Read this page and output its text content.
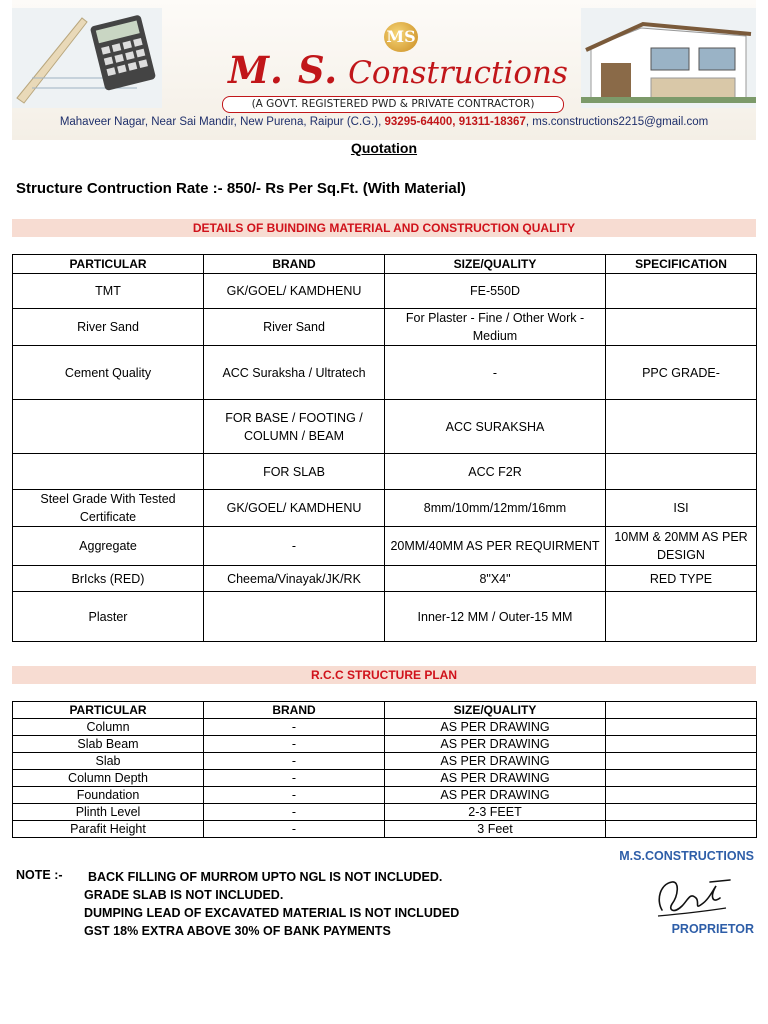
MS
M. S. Constructions
(A GOVT. REGISTERED PWD & PRIVATE CONTRACTOR)
Mahaveer Nagar, Near Sai Mandir, New Purena, Raipur (C.G.), 93295-64400, 91311-18367, ms.constructions2215@gmail.com
Quotation
Structure Contruction Rate :- 850/- Rs Per Sq.Ft. (With Material)
DETAILS OF BUINDING MATERIAL AND CONSTRUCTION QUALITY
PARTICULAR	BRAND	SIZE/QUALITY	SPECIFICATION
TMT	GK/GOEL/ KAMDHENU	FE-550D	
River Sand	River Sand	For Plaster - Fine / Other Work - Medium	
Cement Quality	ACC Suraksha / Ultratech	-	PPC GRADE-
	FOR BASE / FOOTING / COLUMN / BEAM	ACC SURAKSHA	
	FOR SLAB	ACC F2R	
Steel Grade With Tested Certificate	GK/GOEL/ KAMDHENU	8mm/10mm/12mm/16mm	ISI
Aggregate	-	20MM/40MM AS PER REQUIRMENT	10MM & 20MM AS PER DESIGN
BrIcks (RED)	Cheema/Vinayak/JK/RK	8"X4"	RED TYPE
Plaster		Inner-12 MM / Outer-15 MM	
R.C.C STRUCTURE PLAN
PARTICULAR	BRAND	SIZE/QUALITY	
Column	-	AS PER DRAWING	
Slab Beam	-	AS PER DRAWING	
Slab	-	AS PER DRAWING	
Column Depth	-	AS PER DRAWING	
Foundation	-	AS PER DRAWING	
Plinth Level	-	2-3 FEET	
Parafit Height	-	3 Feet	
NOTE :-	BACK FILLING OF MURROM UPTO NGL IS NOT INCLUDED.
GRADE SLAB IS NOT INCLUDED.
DUMPING LEAD OF EXCAVATED MATERIAL IS NOT INCLUDED
GST 18% EXTRA ABOVE 30% OF BANK PAYMENTS
M.S.CONSTRUCTIONS
PROPRIETOR
